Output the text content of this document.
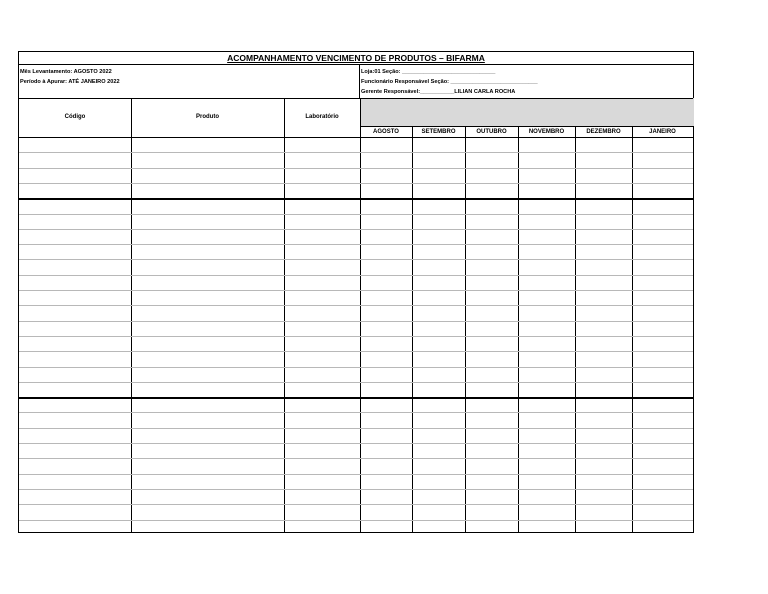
ACOMPANHAMENTO VENCIMENTO DE PRODUTOS – BIFARMA
Mês Levantamento: AGOSTO 2022
Período à Apurar: ATÉ JANEIRO 2022
Loja:01 Seção: ______________________________
Funcionário Responsável Seção: ____________________________
Gerente Responsável:___________LILIAN CARLA ROCHA
Código	Produto	Laboratório
AGOSTO	SETEMBRO	OUTUBRO	NOVEMBRO	DEZEMBRO	JANEIRO
